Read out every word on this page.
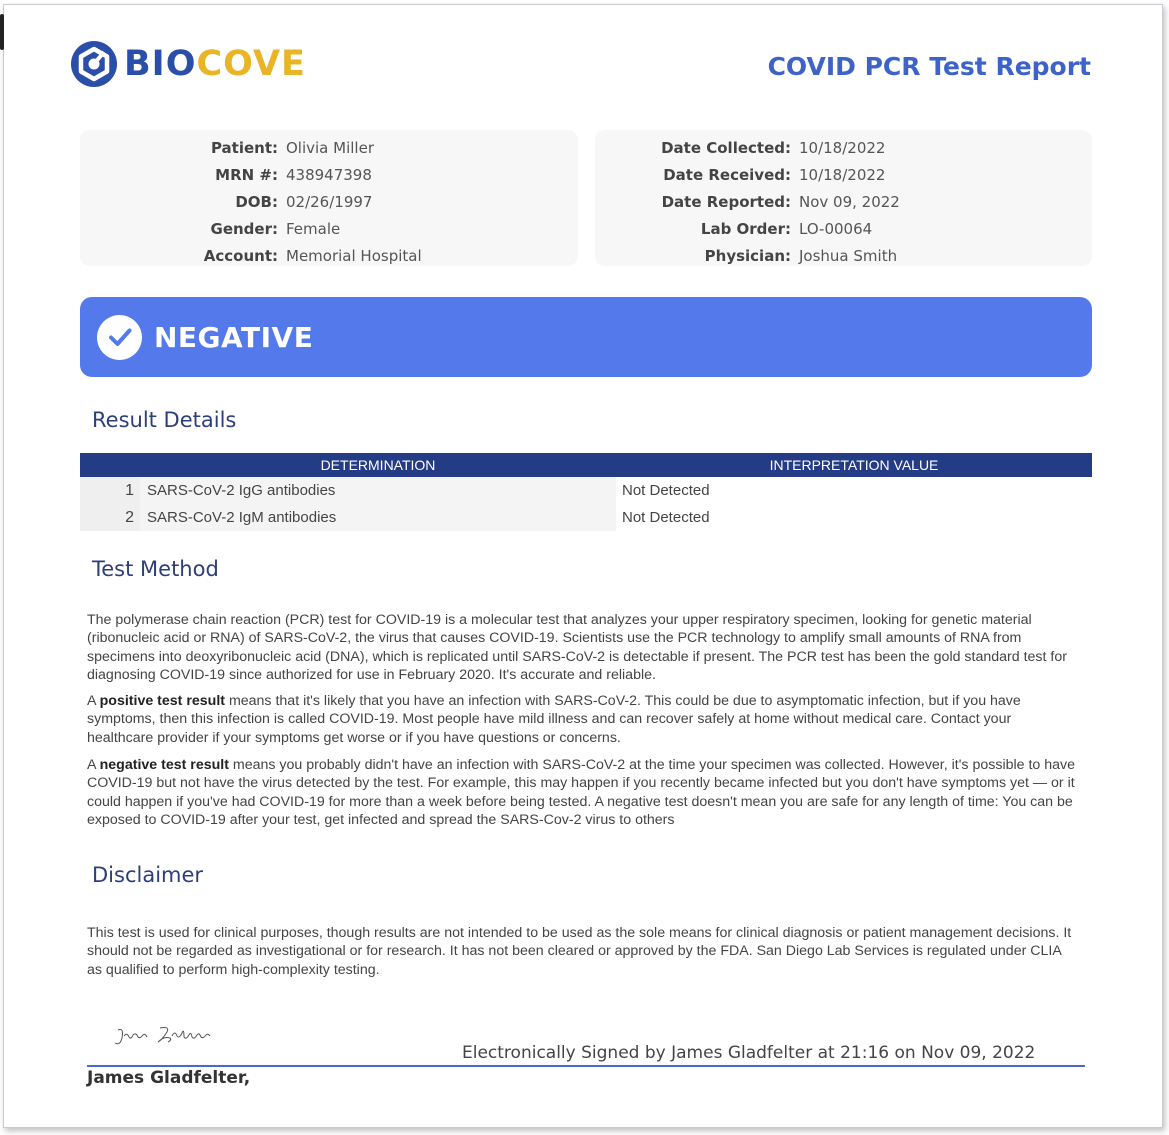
BIOCOVE	COVID PCR Test Report
Patient: Olivia Miller
MRN #: 438947398
DOB: 02/26/1997
Gender: Female
Account: Memorial Hospital
Date Collected: 10/18/2022
Date Received: 10/18/2022
Date Reported: Nov 09, 2022
Lab Order: LO-00064
Physician: Joshua Smith
NEGATIVE
Result Details
DETERMINATION	INTERPRETATION VALUE
1 SARS-CoV-2 IgG antibodies	Not Detected
2 SARS-CoV-2 IgM antibodies	Not Detected
Test Method

The polymerase chain reaction (PCR) test for COVID-19 is a molecular test that analyzes your upper respiratory specimen, looking for genetic material (ribonucleic acid or RNA) of SARS-CoV-2, the virus that causes COVID-19. Scientists use the PCR technology to amplify small amounts of RNA from specimens into deoxyribonucleic acid (DNA), which is replicated until SARS-CoV-2 is detectable if present. The PCR test has been the gold standard test for diagnosing COVID-19 since authorized for use in February 2020. It's accurate and reliable.

A positive test result means that it's likely that you have an infection with SARS-CoV-2. This could be due to asymptomatic infection, but if you have symptoms, then this infection is called COVID-19. Most people have mild illness and can recover safely at home without medical care. Contact your healthcare provider if your symptoms get worse or if you have questions or concerns.

A negative test result means you probably didn't have an infection with SARS-CoV-2 at the time your specimen was collected. However, it's possible to have COVID-19 but not have the virus detected by the test. For example, this may happen if you recently became infected but you don't have symptoms yet — or it could happen if you've had COVID-19 for more than a week before being tested. A negative test doesn't mean you are safe for any length of time: You can be exposed to COVID-19 after your test, get infected and spread the SARS-Cov-2 virus to others

Disclaimer

This test is used for clinical purposes, though results are not intended to be used as the sole means for clinical diagnosis or patient management decisions. It should not be regarded as investigational or for research. It has not been cleared or approved by the FDA. San Diego Lab Services is regulated under CLIA as qualified to perform high-complexity testing.

Electronically Signed by James Gladfelter at 21:16 on Nov 09, 2022
James Gladfelter,
